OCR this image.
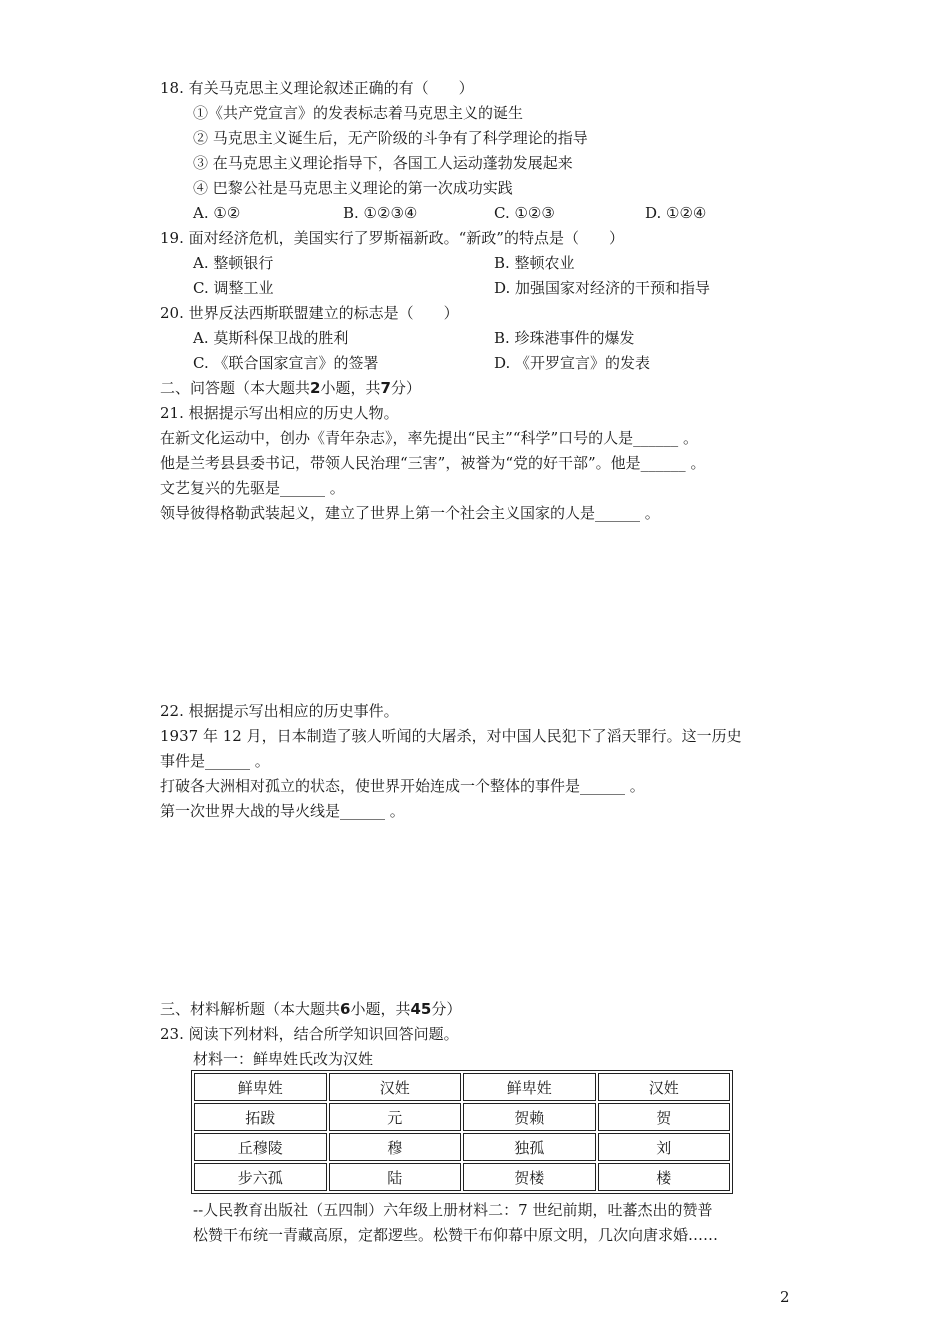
18. 有关马克思主义理论叙述正确的有（　　）
①《共产党宣言》的发表标志着马克思主义的诞生
② 马克思主义诞生后，无产阶级的斗争有了科学理论的指导
③ 在马克思主义理论指导下，各国工人运动蓬勃发展起来
④ 巴黎公社是马克思主义理论的第一次成功实践
A. ①②	B. ①②③④	C. ①②③	D. ①②④
19. 面对经济危机，美国实行了罗斯福新政。“新政”的特点是（　　）
A. 整顿银行	B. 整顿农业
C. 调整工业	D. 加强国家对经济的干预和指导
20. 世界反法西斯联盟建立的标志是（　　）
A. 莫斯科保卫战的胜利	B. 珍珠港事件的爆发
C. 《联合国家宣言》的签署	D. 《开罗宣言》的发表
二、问答题（本大题共2小题，共7分）
21. 根据提示写出相应的历史人物。
在新文化运动中，创办《青年杂志》，率先提出“民主”“科学”口号的人是______ 。
他是兰考县县委书记，带领人民治理“三害”，被誉为“党的好干部”。他是______ 。
文艺复兴的先驱是______ 。
领导彼得格勒武装起义，建立了世界上第一个社会主义国家的人是______ 。
22. 根据提示写出相应的历史事件。
1937 年 12 月，日本制造了骇人听闻的大屠杀，对中国人民犯下了滔天罪行。这一历史
事件是______ 。
打破各大洲相对孤立的状态，使世界开始连成一个整体的事件是______ 。
第一次世界大战的导火线是______ 。
三、材料解析题（本大题共6小题，共45分）
23. 阅读下列材料，结合所学知识回答问题。
材料一：鲜卑姓氏改为汉姓
鲜卑姓	汉姓	鲜卑姓	汉姓
拓跋	元	贺赖	贺
丘穆陵	穆	独孤	刘
步六孤	陆	贺楼	楼
--人民教育出版社（五四制）六年级上册材料二：7 世纪前期，吐蕃杰出的赞普
松赞干布统一青藏高原，定都逻些。松赞干布仰幕中原文明，几次向唐求婚……
2
